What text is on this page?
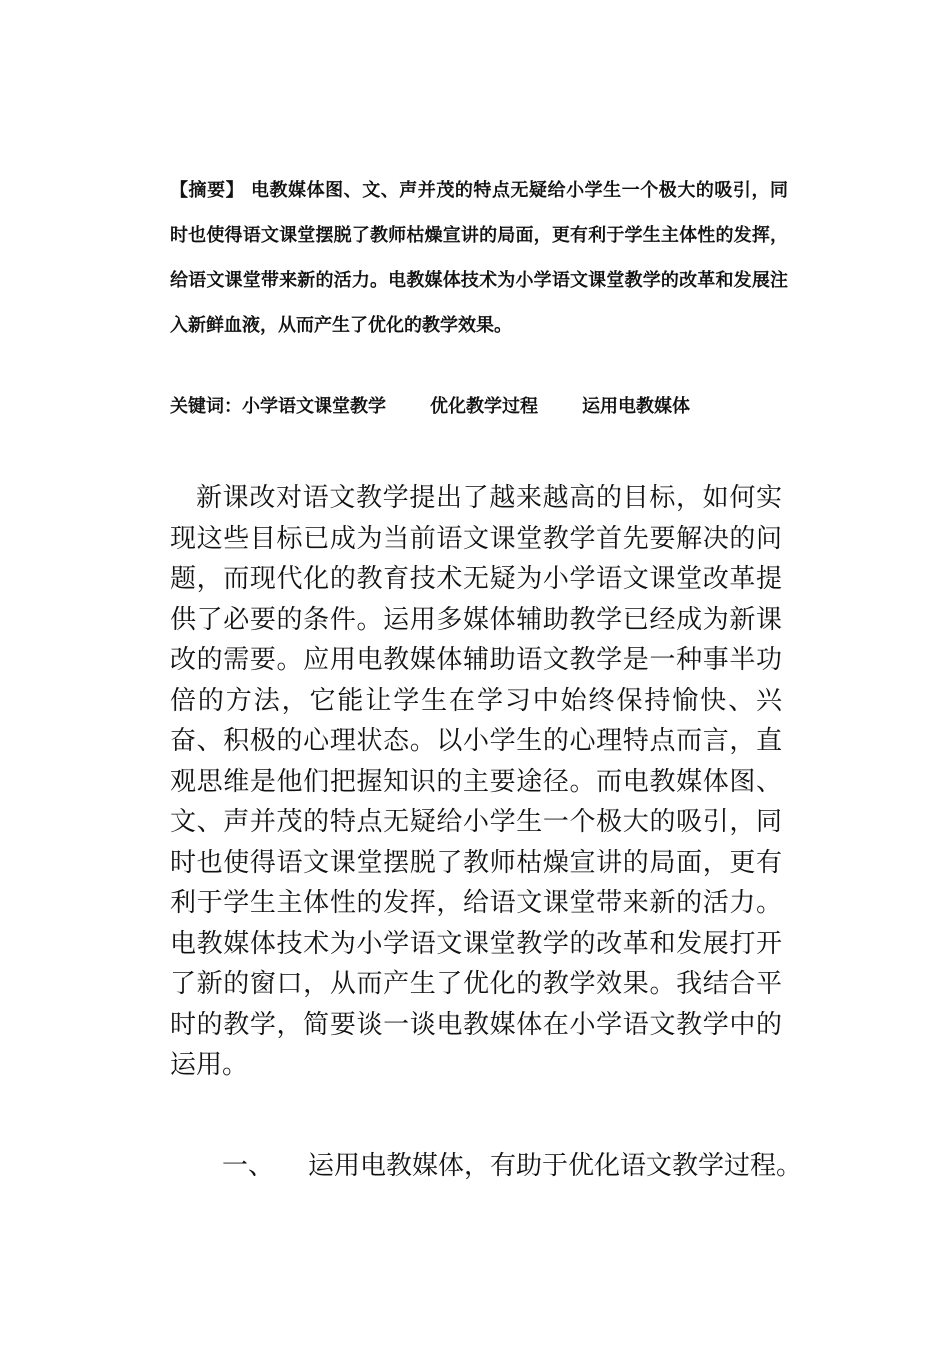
【摘要】 电教媒体图、文、声并茂的特点无疑给小学生一个极大的吸引，同时也使得语文课堂摆脱了教师枯燥宣讲的局面，更有利于学生主体性的发挥，给语文课堂带来新的活力。电教媒体技术为小学语文课堂教学的改革和发展注入新鲜血液，从而产生了优化的教学效果。

关键词：小学语文课堂教学 优化教学过程 运用电教媒体

新课改对语文教学提出了越来越高的目标，如何实现这些目标已成为当前语文课堂教学首先要解决的问题，而现代化的教育技术无疑为小学语文课堂改革提供了必要的条件。运用多媒体辅助教学已经成为新课改的需要。应用电教媒体辅助语文教学是一种事半功倍的方法，它能让学生在学习中始终保持愉快、兴奋、积极的心理状态。以小学生的心理特点而言，直观思维是他们把握知识的主要途径。而电教媒体图、文、声并茂的特点无疑给小学生一个极大的吸引，同时也使得语文课堂摆脱了教师枯燥宣讲的局面，更有利于学生主体性的发挥，给语文课堂带来新的活力。电教媒体技术为小学语文课堂教学的改革和发展打开了新的窗口，从而产生了优化的教学效果。我结合平时的教学，简要谈一谈电教媒体在小学语文教学中的运用。

一、 运用电教媒体，有助于优化语文教学过程。
